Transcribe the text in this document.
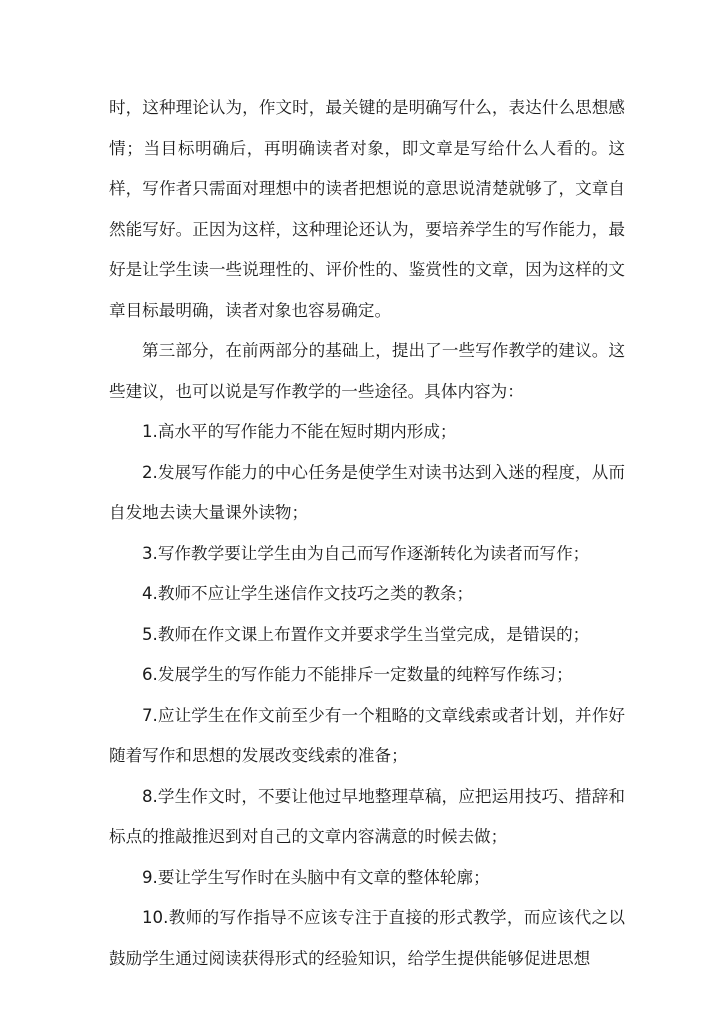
时，这种理论认为，作文时，最关键的是明确写什么，表达什么思想感情；当目标明确后，再明确读者对象，即文章是写给什么人看的。这样，写作者只需面对理想中的读者把想说的意思说清楚就够了，文章自然能写好。正因为这样，这种理论还认为，要培养学生的写作能力，最好是让学生读一些说理性的、评价性的、鉴赏性的文章，因为这样的文章目标最明确，读者对象也容易确定。

第三部分，在前两部分的基础上，提出了一些写作教学的建议。这些建议，也可以说是写作教学的一些途径。具体内容为：

1.高水平的写作能力不能在短时期内形成；

2.发展写作能力的中心任务是使学生对读书达到入迷的程度，从而自发地去读大量课外读物；

3.写作教学要让学生由为自己而写作逐渐转化为读者而写作；

4.教师不应让学生迷信作文技巧之类的教条；

5.教师在作文课上布置作文并要求学生当堂完成，是错误的；

6.发展学生的写作能力不能排斥一定数量的纯粹写作练习；

7.应让学生在作文前至少有一个粗略的文章线索或者计划，并作好随着写作和思想的发展改变线索的准备；

8.学生作文时，不要让他过早地整理草稿，应把运用技巧、措辞和标点的推敲推迟到对自己的文章内容满意的时候去做；

9.要让学生写作时在头脑中有文章的整体轮廓；

10.教师的写作指导不应该专注于直接的形式教学，而应该代之以鼓励学生通过阅读获得形式的经验知识，给学生提供能够促进思想
